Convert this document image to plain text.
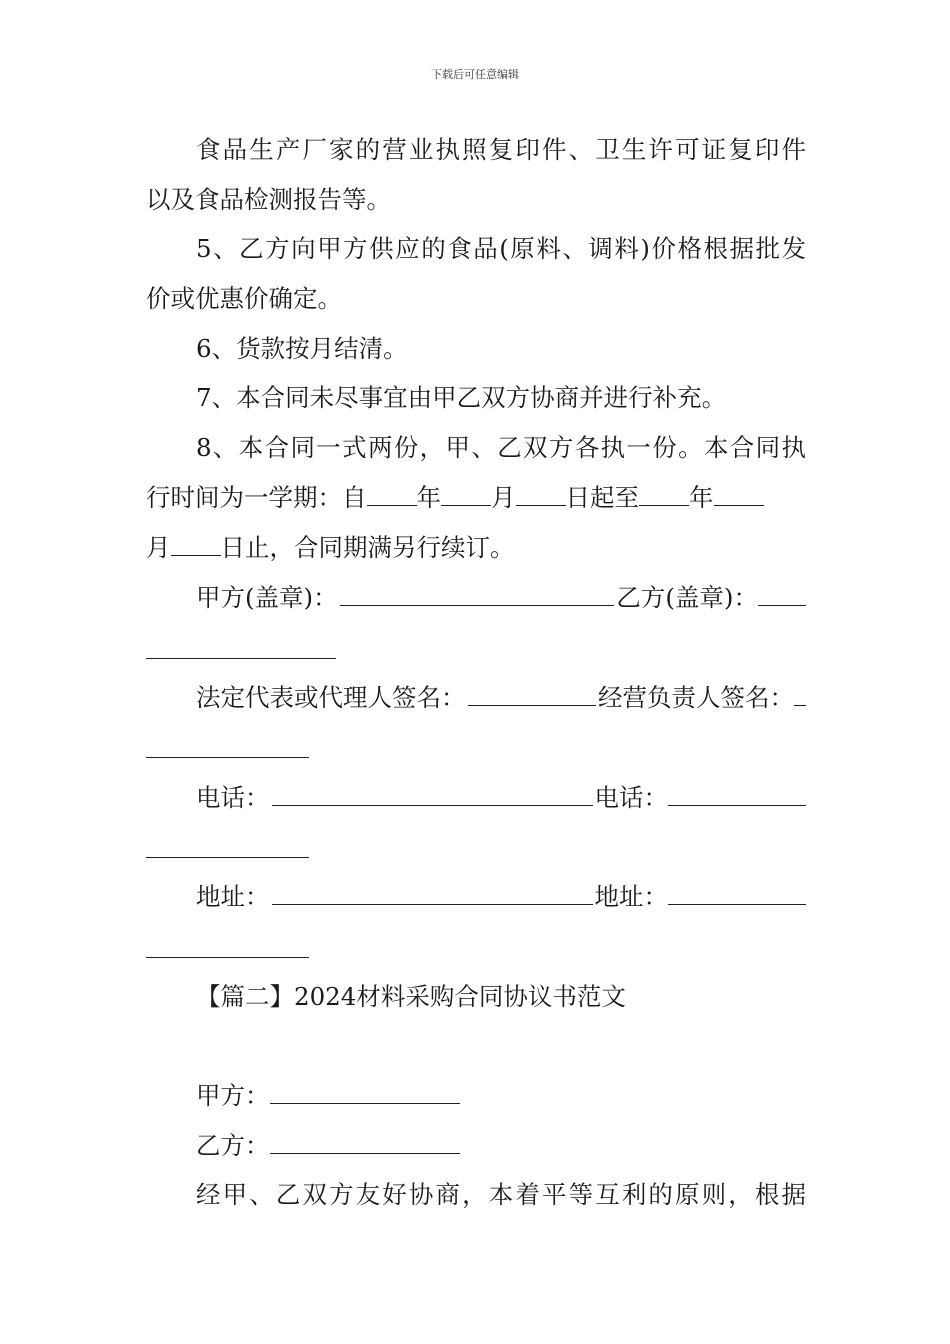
下载后可任意编辑
食品生产厂家的营业执照复印件、卫生许可证复印件
以及食品检测报告等。
5、乙方向甲方供应的食品(原料、调料)价格根据批发
价或优惠价确定。
6、货款按月结清。
7、本合同未尽事宜由甲乙双方协商并进行补充。
8、本合同一式两份，甲、乙双方各执一份。本合同执
行时间为一学期：自 年 月 日起至 年
月 日止，合同期满另行续订。
甲方(盖章)：	乙方(盖章)：
法定代表或代理人签名：	经营负责人签名：
电话：	电话：
地址：	地址：
【篇二】2024材料采购合同协议书范文
甲方：
乙方：
经甲、乙双方友好协商，本着平等互利的原则，根据
